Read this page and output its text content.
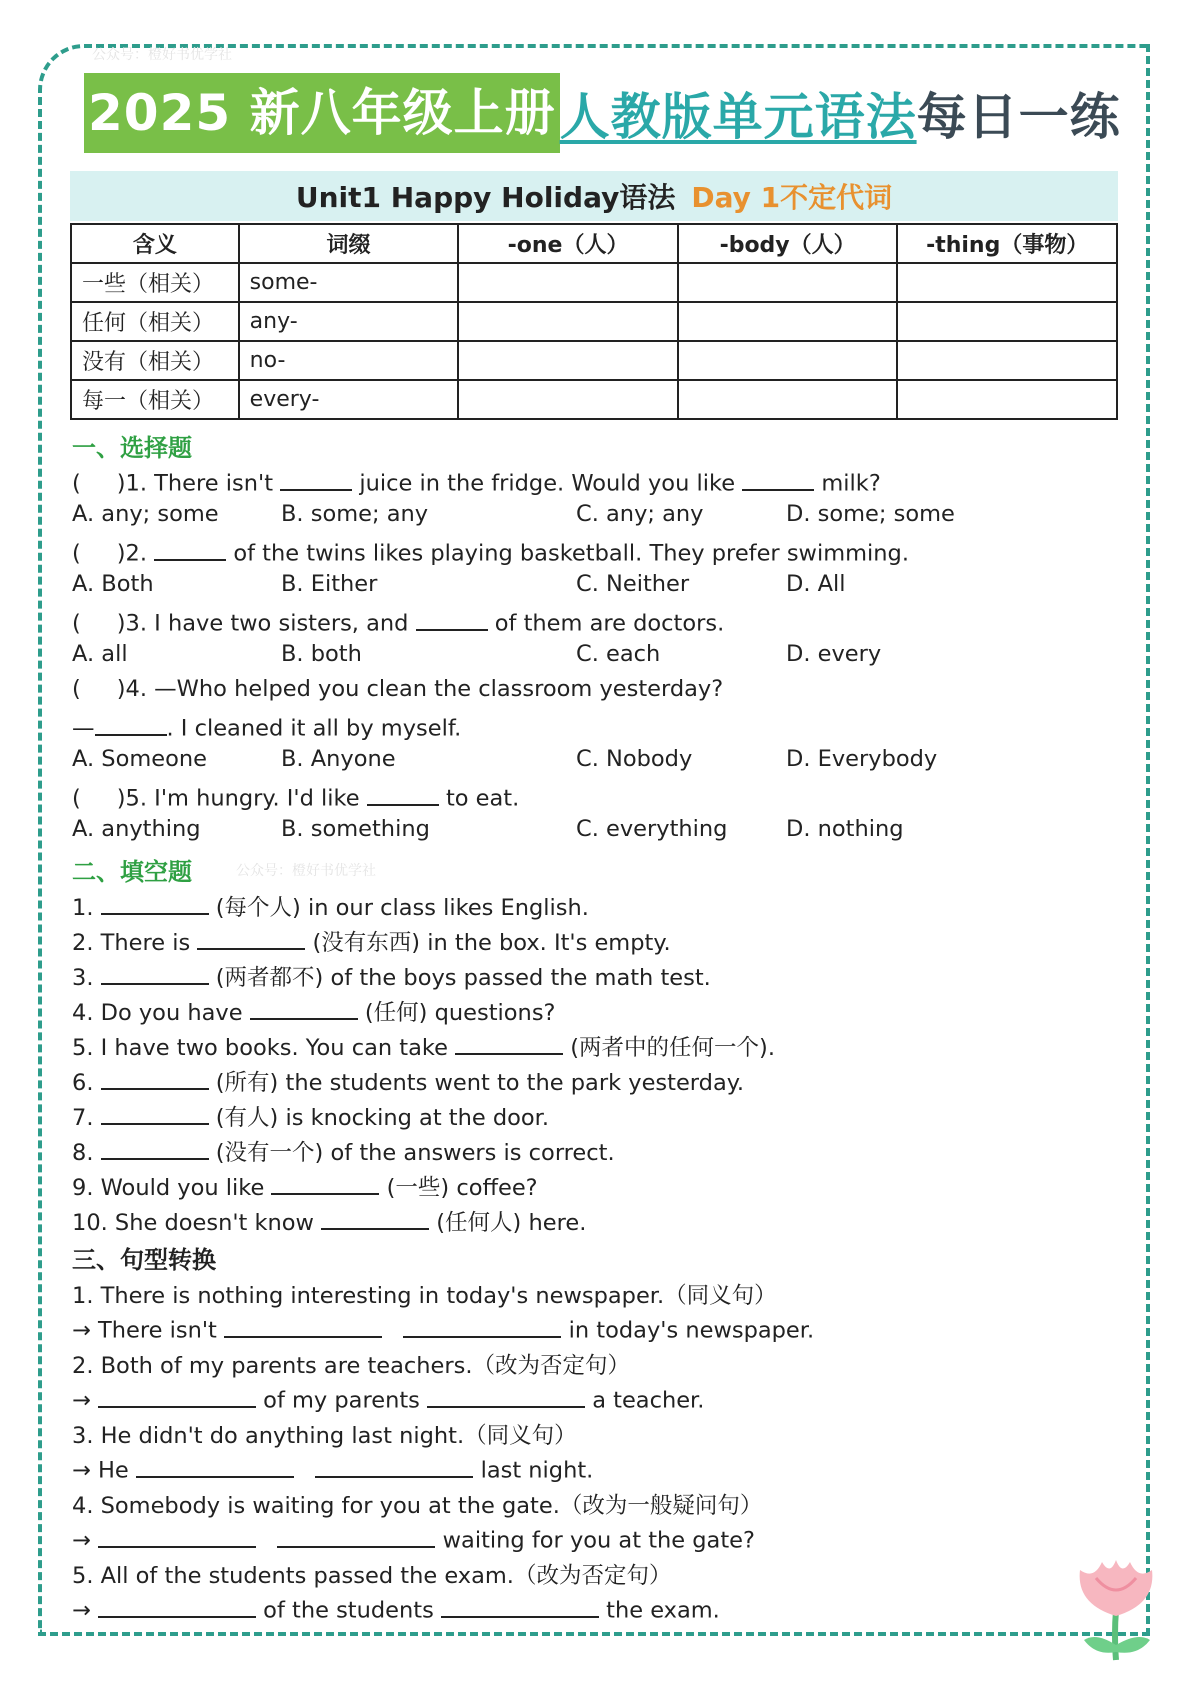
公众号：橙好书优学社
2025 新八年级上册 人教版单元语法 每日一练
Unit1 Happy Holiday语法 Day 1不定代词
含义	词缀	-one（人）	-body（人）	-thing（事物）
一些（相关）	some-			
任何（相关）	any-			
没有（相关）	no-			
每一（相关）	every-			
一、选择题
( )1. There isn't	juice in the fridge. Would you like	milk?
A. any; some	B. some; any	C. any; any	D. some; some
( )2.	of the twins likes playing basketball. They prefer swimming.
A. Both	B. Either	C. Neither	D. All
( )3. I have two sisters, and	of them are doctors.
A. all	B. both	C. each	D. every
( )4. —Who helped you clean the classroom yesterday?
—	. I cleaned it all by myself.
A. Someone	B. Anyone	C. Nobody	D. Everybody
( )5. I'm hungry. I'd like	to eat.
A. anything	B. something	C. everything	D. nothing
二、填空题	公众号：橙好书优学社
1.	(每个人) in our class likes English.
2. There is	(没有东西) in the box. It's empty.
3.	(两者都不) of the boys passed the math test.
4. Do you have	(任何) questions?
5. I have two books. You can take	(两者中的任何一个).
6.	(所有) the students went to the park yesterday.
7.	(有人) is knocking at the door.
8.	(没有一个) of the answers is correct.
9. Would you like	(一些) coffee?
10. She doesn't know	(任何人) here.
三、句型转换
1. There is nothing interesting in today's newspaper.（同义句）
→ There isn't	in today's newspaper.
2. Both of my parents are teachers.（改为否定句）
→	of my parents	a teacher.
3. He didn't do anything last night.（同义句）
→ He	last night.
4. Somebody is waiting for you at the gate.（改为一般疑问句）
→	waiting for you at the gate?
5. All of the students passed the exam.（改为否定句）
→	of the students	the exam.
